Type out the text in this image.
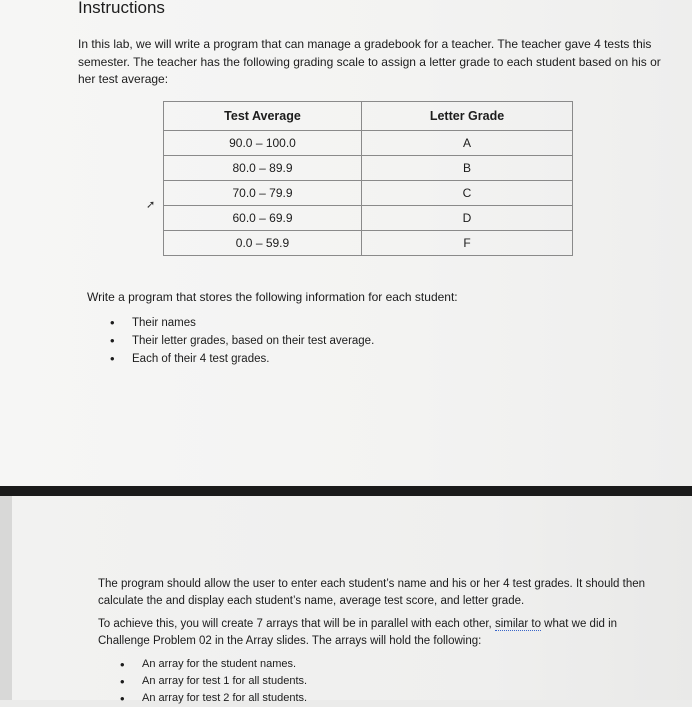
Instructions

In this lab, we will write a program that can manage a gradebook for a teacher. The teacher gave 4 tests this semester. The teacher has the following grading scale to assign a letter grade to each student based on his or her test average:

Test Average	Letter Grade
90.0 – 100.0	A
80.0 – 89.9	B
70.0 – 79.9	C
60.0 – 69.9	D
0.0 – 59.9	F
➚

Write a program that stores the following information for each student:

• Their names
• Their letter grades, based on their test average.
• Each of their 4 test grades.

The program should allow the user to enter each student’s name and his or her 4 test grades. It should then calculate the and display each student’s name, average test score, and letter grade.

To achieve this, you will create 7 arrays that will be in parallel with each other, similar to what we did in Challenge Problem 02 in the Array slides. The arrays will hold the following:

• An array for the student names.
• An array for test 1 for all students.
• An array for test 2 for all students.
